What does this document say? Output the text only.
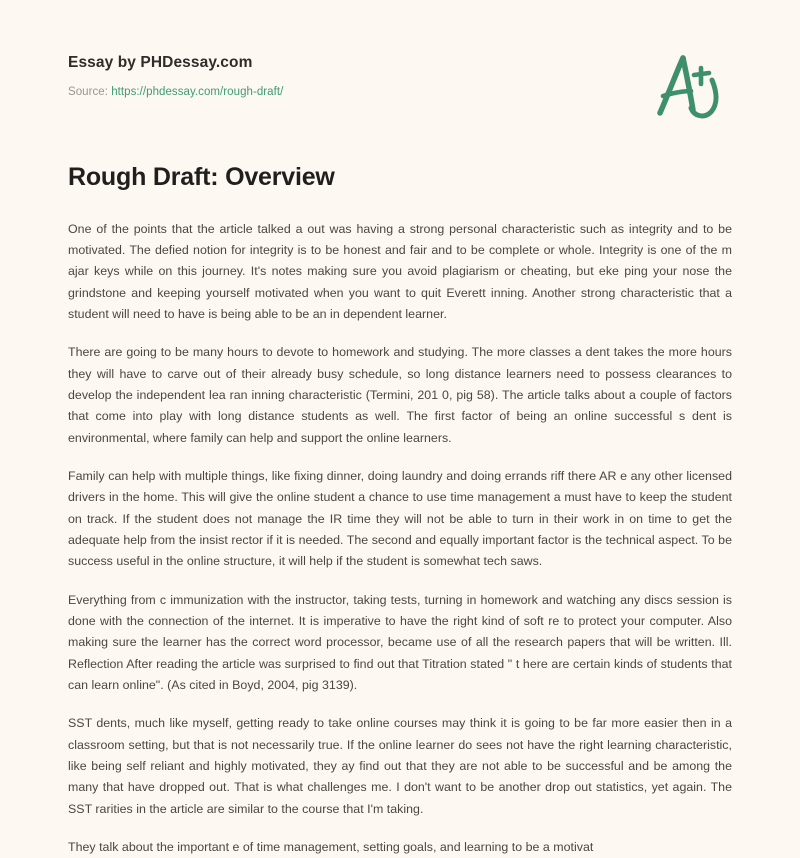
Essay by PHDessay.com

Source: https://phdessay.com/rough-draft/

Rough Draft: Overview

One of the points that the article talked a out was having a strong personal characteristic such as integrity and to be motivated. The defied notion for integrity is to be honest and fair and to be complete or whole. Integrity is one of the m ajar keys while on this journey. It's notes making sure you avoid plagiarism or cheating, but eke ping your nose the grindstone and keeping yourself motivated when you want to quit Everett inning. Another strong characteristic that a student will need to have is being able to be an in dependent learner.

There are going to be many hours to devote to homework and studying. The more classes a dent takes the more hours they will have to carve out of their already busy schedule, so long distance learners need to possess clearances to develop the independent lea ran inning characteristic (Termini, 201 0, pig 58). The article talks about a couple of factors that come into play with long distance students as well. The first factor of being an online successful s dent is environmental, where family can help and support the online learners.

Family can help with multiple things, like fixing dinner, doing laundry and doing errands riff there AR e any other licensed drivers in the home. This will give the online student a chance to use time management a must have to keep the student on track. If the student does not manage the IR time they will not be able to turn in their work in on time to get the adequate help from the insist rector if it is needed. The second and equally important factor is the technical aspect. To be success useful in the online structure, it will help if the student is somewhat tech saws.

Everything from c immunization with the instructor, taking tests, turning in homework and watching any discs session is done with the connection of the internet. It is imperative to have the right kind of soft re to protect your computer. Also making sure the learner has the correct word processor, became use of all the research papers that will be written. Ill. Reflection After reading the article was surprised to find out that Titration stated " t here are certain kinds of students that can learn online". (As cited in Boyd, 2004, pig 3139).

SST dents, much like myself, getting ready to take online courses may think it is going to be far more easier then in a classroom setting, but that is not necessarily true. If the online learner do sees not have the right learning characteristic, like being self reliant and highly motivated, they ay find out that they are not able to be successful and be among the many that have dropped out. That is what challenges me. I don't want to be another drop out statistics, yet again. The SST rarities in the article are similar to the course that I'm taking.

They talk about the important e of time management, setting goals, and learning to be a motivat
